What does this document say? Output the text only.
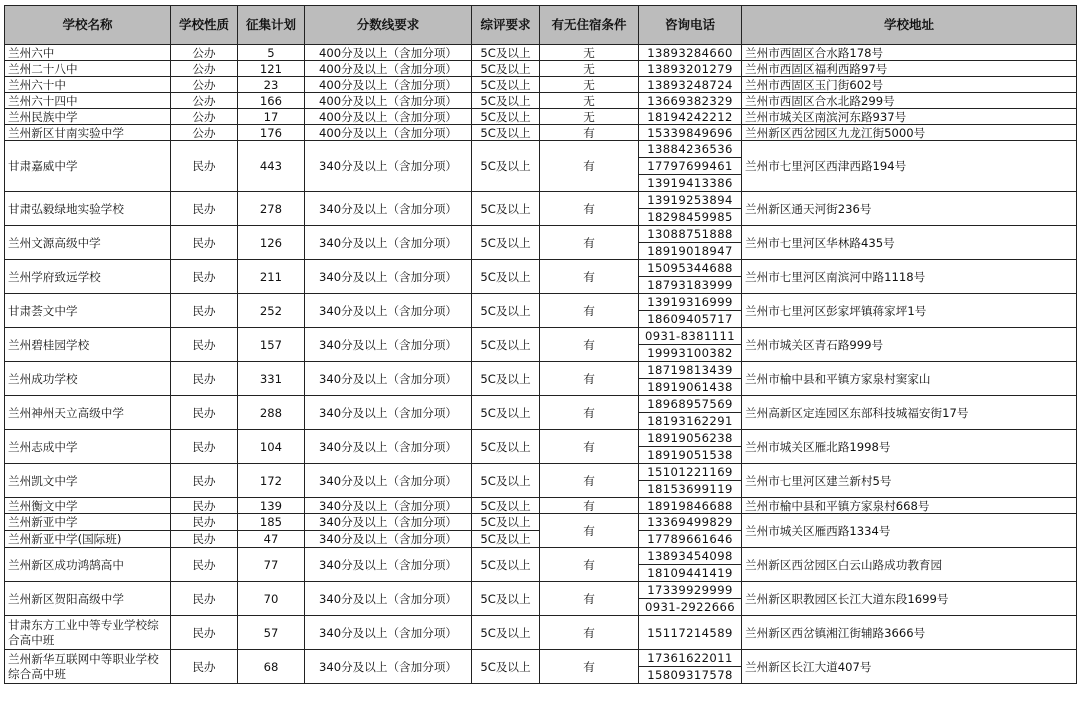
学校名称	学校性质	征集计划	分数线要求	综评要求	有无住宿条件	咨询电话	学校地址
兰州六中	公办	5	400分及以上（含加分项）	5C及以上	无	13893284660	兰州市西固区合水路178号
兰州二十八中	公办	121	400分及以上（含加分项）	5C及以上	无	13893201279	兰州市西固区福利西路97号
兰州六十中	公办	23	400分及以上（含加分项）	5C及以上	无	13893248724	兰州市西固区玉门街602号
兰州六十四中	公办	166	400分及以上（含加分项）	5C及以上	无	13669382329	兰州市西固区合水北路299号
兰州民族中学	公办	17	400分及以上（含加分项）	5C及以上	无	18194242212	兰州市城关区南滨河东路937号
兰州新区甘南实验中学	公办	176	400分及以上（含加分项）	5C及以上	有	15339849696	兰州新区西岔园区九龙江街5000号
甘肃嘉威中学	民办	443	340分及以上（含加分项）	5C及以上	有	13884236536	兰州市七里河区西津西路194号
						17797699461	
						13919413386	
甘肃弘毅绿地实验学校	民办	278	340分及以上（含加分项）	5C及以上	有	13919253894	兰州新区通天河街236号
						18298459985	
兰州文源高级中学	民办	126	340分及以上（含加分项）	5C及以上	有	13088751888	兰州市七里河区华林路435号
						18919018947	
兰州学府致远学校	民办	211	340分及以上（含加分项）	5C及以上	有	15095344688	兰州市七里河区南滨河中路1118号
						18793183999	
甘肃荟文中学	民办	252	340分及以上（含加分项）	5C及以上	有	13919316999	兰州市七里河区彭家坪镇蒋家坪1号
						18609405717	
兰州碧桂园学校	民办	157	340分及以上（含加分项）	5C及以上	有	0931-8381111	兰州市城关区青石路999号
						19993100382	
兰州成功学校	民办	331	340分及以上（含加分项）	5C及以上	有	18719813439	兰州市榆中县和平镇方家泉村窦家山
						18919061438	
兰州神州天立高级中学	民办	288	340分及以上（含加分项）	5C及以上	有	18968957569	兰州高新区定连园区东部科技城福安街17号
						18193162291	
兰州志成中学	民办	104	340分及以上（含加分项）	5C及以上	有	18919056238	兰州市城关区雁北路1998号
						18919051538	
兰州凯文中学	民办	172	340分及以上（含加分项）	5C及以上	有	15101221169	兰州市七里河区建兰新村5号
						18153699119	
兰州衡文中学	民办	139	340分及以上（含加分项）	5C及以上	有	18919846688	兰州市榆中县和平镇方家泉村668号
兰州新亚中学	民办	185	340分及以上（含加分项）	5C及以上	有	13369499829	兰州市城关区雁西路1334号
兰州新亚中学(国际班)	民办	47	340分及以上（含加分项）	5C及以上		17789661646	
兰州新区成功鸿鹄高中	民办	77	340分及以上（含加分项）	5C及以上	有	13893454098	兰州新区西岔园区白云山路成功教育园
						18109441419	
兰州新区贺阳高级中学	民办	70	340分及以上（含加分项）	5C及以上	有	17339929999	兰州新区职教园区长江大道东段1699号
						0931-2922666	
甘肃东方工业中等专业学校综合高中班	民办	57	340分及以上（含加分项）	5C及以上	有	15117214589	兰州新区西岔镇湘江街辅路3666号
兰州新华互联网中等职业学校综合高中班	民办	68	340分及以上（含加分项）	5C及以上	有	17361622011	兰州新区长江大道407号
						15809317578	
